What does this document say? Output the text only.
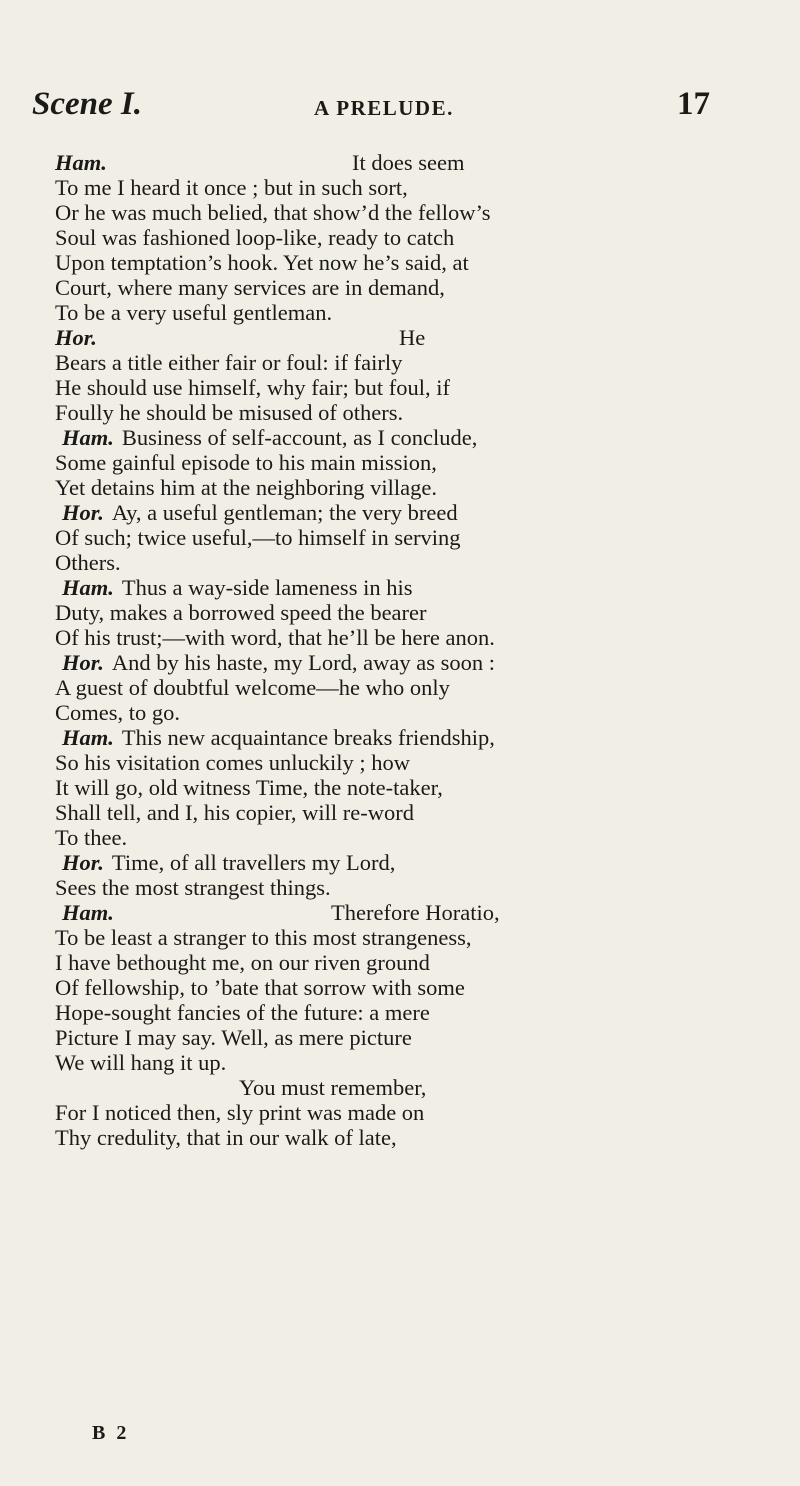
Scene I.	A PRELUDE.	17
Ham.	It does seem
To me I heard it once ; but in such sort,
Or he was much belied, that show’d the fellow’s
Soul was fashioned loop-like, ready to catch
Upon temptation’s hook. Yet now he’s said, at
Court, where many services are in demand,
To be a very useful gentleman.
Hor.	He
Bears a title either fair or foul: if fairly
He should use himself, why fair; but foul, if
Foully he should be misused of others.
Ham. Business of self-account, as I conclude,
Some gainful episode to his main mission,
Yet detains him at the neighboring village.
Hor. Ay, a useful gentleman; the very breed
Of such; twice useful,—to himself in serving
Others.
Ham. Thus a way-side lameness in his
Duty, makes a borrowed speed the bearer
Of his trust;—with word, that he’ll be here anon.
Hor. And by his haste, my Lord, away as soon :
A guest of doubtful welcome—he who only
Comes, to go.
Ham. This new acquaintance breaks friendship,
So his visitation comes unluckily ; how
It will go, old witness Time, the note-taker,
Shall tell, and I, his copier, will re-word
To thee.
Hor. Time, of all travellers my Lord,
Sees the most strangest things.
Ham.	Therefore Horatio,
To be least a stranger to this most strangeness,
I have bethought me, on our riven ground
Of fellowship, to ’bate that sorrow with some
Hope-sought fancies of the future: a mere
Picture I may say. Well, as mere picture
We will hang it up.
You must remember,
For I noticed then, sly print was made on
Thy credulity, that in our walk of late,
B 2
